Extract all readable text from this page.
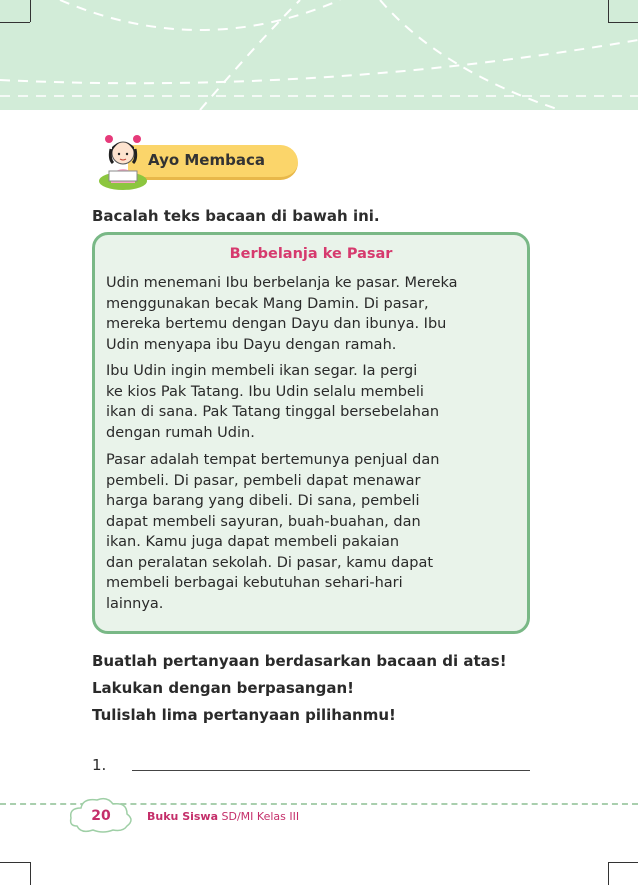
Ayo Membaca
Bacalah teks bacaan di bawah ini.
Berbelanja ke Pasar
Udin menemani Ibu berbelanja ke pasar. Mereka
menggunakan becak Mang Damin. Di pasar,
mereka bertemu dengan Dayu dan ibunya. Ibu
Udin menyapa ibu Dayu dengan ramah.
Ibu Udin ingin membeli ikan segar. Ia pergi
ke kios Pak Tatang. Ibu Udin selalu membeli
ikan di sana. Pak Tatang tinggal bersebelahan
dengan rumah Udin.
Pasar adalah tempat bertemunya penjual dan
pembeli. Di pasar, pembeli dapat menawar
harga barang yang dibeli. Di sana, pembeli
dapat membeli sayuran, buah-buahan, dan
ikan. Kamu juga dapat membeli pakaian
dan peralatan sekolah. Di pasar, kamu dapat
membeli berbagai kebutuhan sehari-hari
lainnya.
Buatlah pertanyaan berdasarkan bacaan di atas!
Lakukan dengan berpasangan!
Tulislah lima pertanyaan pilihanmu!
1.
20	Buku Siswa SD/MI Kelas III
